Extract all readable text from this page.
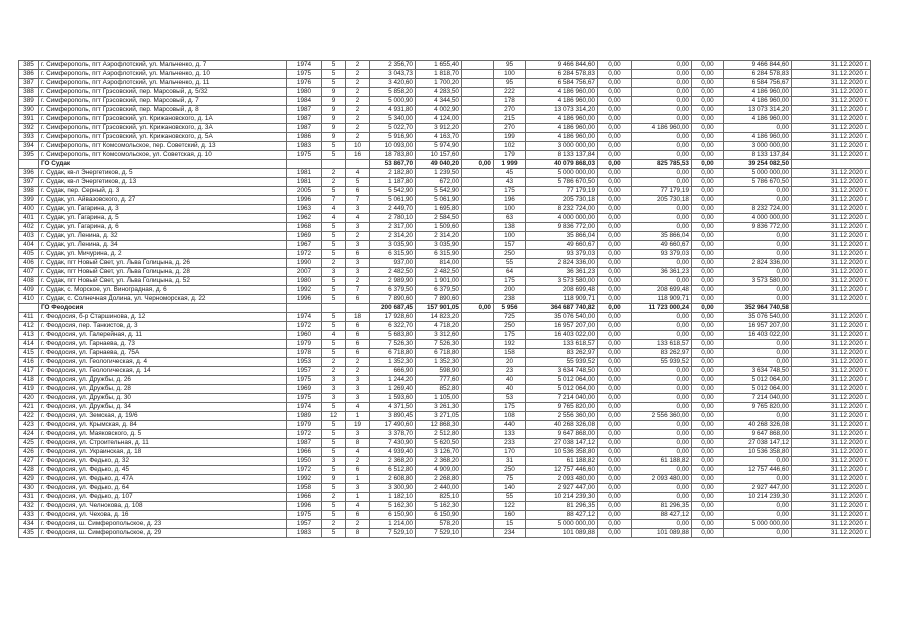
385	г. Симферополь, пгт Аэрофлотский, ул. Мальченко, д. 7	1974	5	2	2 356,70	1 655,40		95	9 466 844,60	0,00	0,00	0,00	9 466 844,60	31.12.2020 г.
386	г. Симферополь, пгт Аэрофлотский, ул. Мальченко, д. 10	1975	5	2	3 043,73	1 818,70		100	6 284 578,83	0,00	0,00	0,00	6 284 578,83	31.12.2020 г.
387	г. Симферополь, пгт Аэрофлотский, ул. Мальченко, д. 11	1976	5	2	3 420,60	1 700,20		95	6 584 756,67	0,00	0,00	0,00	6 584 756,67	31.12.2020 г.
388	г. Симферополь, пгт Грэсовский, пер. Марсовый, д. 5/32	1980	9	2	5 858,20	4 283,50		222	4 186 960,00	0,00	0,00	0,00	4 186 960,00	31.12.2020 г.
389	г. Симферополь, пгт Грэсовский, пер. Марсовый, д. 7	1984	9	2	5 000,90	4 344,50		178	4 186 960,00	0,00	0,00	0,00	4 186 960,00	31.12.2020 г.
390	г. Симферополь, пгт Грэсовский, пер. Марсовый, д. 8	1987	9	2	4 931,80	4 002,90		270	13 073 314,20	0,00	0,00	0,00	13 073 314,20	31.12.2020 г.
391	г. Симферополь, пгт Грэсовский, ул. Крижановского, д. 1А	1987	9	2	5 340,00	4 124,00		215	4 186 960,00	0,00	0,00	0,00	4 186 960,00	31.12.2020 г.
392	г. Симферополь, пгт Грэсовский, ул. Крижановского, д. 3А	1987	9	2	5 022,70	3 912,20		270	4 186 960,00	0,00	4 186 960,00	0,00	0,00	31.12.2020 г.
393	г. Симферополь, пгт Грэсовский, ул. Крижановского, д. 5А	1986	9	2	5 916,90	4 163,70		199	4 186 960,00	0,00	0,00	0,00	4 186 960,00	31.12.2020 г.
394	г. Симферополь, пгт Комсомольское, пер. Советский, д. 13	1983	5	10	10 093,00	5 974,90		102	3 000 000,00	0,00	0,00	0,00	3 000 000,00	31.12.2020 г.
395	г. Симферополь, пгт Комсомольское, ул. Советская, д. 10	1975	5	16	18 783,80	10 157,60		179	8 133 137,84	0,00	0,00	0,00	8 133 137,84	31.12.2020 г.
	ГО Судак				53 867,70	49 040,20	0,00	1 999	40 079 868,03	0,00	825 785,53	0,00	39 254 082,50	
396	г. Судак, кв-л Энергетиков, д. 5	1981	2	4	2 182,80	1 239,50		45	5 000 000,00	0,00	0,00	0,00	5 000 000,00	31.12.2020 г.
397	г. Судак, кв-л Энергетиков, д. 13	1981	2	5	1 187,80	672,00		43	5 786 670,50	0,00	0,00	0,00	5 786 670,50	31.12.2020 г.
398	г. Судак, пер. Серный, д. 3	2005	5	6	5 542,90	5 542,90		175	77 179,19	0,00	77 179,19	0,00	0,00	31.12.2020 г.
399	г. Судак, ул. Айвазовского, д. 27	1996	7	7	5 061,90	5 061,90		196	205 730,18	0,00	205 730,18	0,00	0,00	31.12.2020 г.
400	г. Судак, ул. Гагарина, д. 3	1963	4	3	2 449,70	1 695,80		100	8 232 724,00	0,00	0,00	0,00	8 232 724,00	31.12.2020 г.
401	г. Судак, ул. Гагарина, д. 5	1962	4	4	2 780,10	2 584,50		63	4 000 000,00	0,00	0,00	0,00	4 000 000,00	31.12.2020 г.
402	г. Судак, ул. Гагарина, д. 6	1968	5	3	2 317,00	1 509,60		138	9 836 772,00	0,00	0,00	0,00	9 836 772,00	31.12.2020 г.
403	г. Судак, ул. Ленина, д. 32	1969	5	2	2 314,20	2 314,20		100	35 866,04	0,00	35 866,04	0,00	0,00	31.12.2020 г.
404	г. Судак, ул. Ленина, д. 34	1967	5	3	3 035,90	3 035,90		157	49 660,67	0,00	49 660,67	0,00	0,00	31.12.2020 г.
405	г. Судак, ул. Мичурина, д. 2	1972	5	6	6 315,90	6 315,90		250	93 379,03	0,00	93 379,03	0,00	0,00	31.12.2020 г.
406	г. Судак, пгт Новый Свет, ул. Льва Голицына, д. 26	1990	2	3	937,00	814,00		55	2 824 336,00	0,00	0,00	0,00	2 824 336,00	31.12.2020 г.
407	г. Судак, пгт Новый Свет, ул. Льва Голицына, д. 28	2007	3	3	2 482,50	2 482,50		64	36 361,23	0,00	36 361,23	0,00	0,00	31.12.2020 г.
408	г. Судак, пгт Новый Свет, ул. Льва Голицына, д. 52	1980	5	2	2 989,90	1 901,00		175	3 573 580,00	0,00	0,00	0,00	3 573 580,00	31.12.2020 г.
409	г. Судак, с. Морское, ул. Виноградная, д. 6	1992	5	7	6 379,50	6 379,50		200	208 699,48	0,00	208 699,48	0,00	0,00	31.12.2020 г.
410	г. Судак, с. Солнечная Долина, ул. Черноморская, д. 22	1996	5	6	7 890,60	7 890,60		238	118 909,71	0,00	118 909,71	0,00	0,00	31.12.2020 г.
	ГО Феодосия				200 687,45	157 901,05	0,00	5 956	364 687 740,82	0,00	11 723 000,24	0,00	352 964 740,58	
411	г. Феодосия, б-р Старшинова, д. 12	1974	5	18	17 928,60	14 823,20		725	35 076 540,00	0,00	0,00	0,00	35 076 540,00	31.12.2020 г.
412	г. Феодосия, пер. Танкистов, д. 3	1972	5	6	6 322,70	4 718,20		250	16 957 207,00	0,00	0,00	0,00	16 957 207,00	31.12.2020 г.
413	г. Феодосия, ул. Галерейная, д. 11	1960	4	6	5 683,80	3 312,60		175	16 403 022,00	0,00	0,00	0,00	16 403 022,00	31.12.2020 г.
414	г. Феодосия, ул. Гарнаева, д. 73	1979	5	6	7 526,30	7 526,30		192	133 618,57	0,00	133 618,57	0,00	0,00	31.12.2020 г.
415	г. Феодосия, ул. Гарнаева, д. 75А	1978	5	6	6 718,80	6 718,80		158	83 262,97	0,00	83 262,97	0,00	0,00	31.12.2020 г.
416	г. Феодосия, ул. Геологическая, д. 4	1953	2	2	1 352,30	1 352,30		20	55 939,52	0,00	55 939,52	0,00	0,00	31.12.2020 г.
417	г. Феодосия, ул. Геологическая, д. 14	1957	2	2	666,90	598,90		23	3 634 748,50	0,00	0,00	0,00	3 634 748,50	31.12.2020 г.
418	г. Феодосия, ул. Дружбы, д. 26	1975	3	3	1 244,20	777,60		40	5 012 064,00	0,00	0,00	0,00	5 012 064,00	31.12.2020 г.
419	г. Феодосия, ул. Дружбы, д. 28	1969	3	3	1 269,40	852,80		40	5 012 064,00	0,00	0,00	0,00	5 012 064,00	31.12.2020 г.
420	г. Феодосия, ул. Дружбы, д. 30	1975	3	3	1 593,60	1 105,00		53	7 214 040,00	0,00	0,00	0,00	7 214 040,00	31.12.2020 г.
421	г. Феодосия, ул. Дружбы, д. 34	1974	5	4	4 371,50	3 261,30		175	9 765 820,00	0,00	0,00	0,00	9 765 820,00	31.12.2020 г.
422	г. Феодосия, ул. Земская, д. 19/6	1989	12	1	3 890,45	3 271,05		108	2 556 360,00	0,00	2 556 360,00	0,00	0,00	31.12.2020 г.
423	г. Феодосия, ул. Крымская, д. 84	1979	5	19	17 490,60	12 868,30		440	40 268 326,08	0,00	0,00	0,00	40 268 326,08	31.12.2020 г.
424	г. Феодосия, ул. Маяковского, д. 5	1972	5	3	3 378,70	2 512,80		133	9 647 868,00	0,00	0,00	0,00	9 647 868,00	31.12.2020 г.
425	г. Феодосия, ул. Строительная, д. 11	1987	5	8	7 430,90	5 620,50		233	27 038 147,12	0,00	0,00	0,00	27 038 147,12	31.12.2020 г.
426	г. Феодосия, ул. Украинская, д. 18	1966	5	4	4 939,40	3 126,70		170	10 536 358,80	0,00	0,00	0,00	10 536 358,80	31.12.2020 г.
427	г. Феодосия, ул. Федько, д. 32	1950	3	2	2 368,20	2 368,20		31	61 188,82	0,00	61 188,82	0,00	0,00	31.12.2020 г.
428	г. Феодосия, ул. Федько, д. 45	1972	5	6	6 512,80	4 909,00		250	12 757 446,60	0,00	0,00	0,00	12 757 446,60	31.12.2020 г.
429	г. Феодосия, ул. Федько, д. 47А	1992	9	1	2 608,80	2 268,80		75	2 093 480,00	0,00	2 093 480,00	0,00	0,00	31.12.2020 г.
430	г. Феодосия, ул. Федько, д. 64	1958	5	3	3 300,90	2 440,00		140	2 927 447,00	0,00	0,00	0,00	2 927 447,00	31.12.2020 г.
431	г. Феодосия, ул. Федько, д. 107	1966	2	1	1 182,10	825,10		55	10 214 239,30	0,00	0,00	0,00	10 214 239,30	31.12.2020 г.
432	г. Феодосия, ул. Челнокова, д. 108	1996	5	4	5 162,30	5 162,30		122	81 296,35	0,00	81 296,35	0,00	0,00	31.12.2020 г.
433	г. Феодосия, ул. Чехова, д. 16	1975	5	6	6 150,90	6 150,90		160	88 427,12	0,00	88 427,12	0,00	0,00	31.12.2020 г.
434	г. Феодосия, ш. Симферопольское, д. 23	1957	2	2	1 214,00	578,20		15	5 000 000,00	0,00	0,00	0,00	5 000 000,00	31.12.2020 г.
435	г. Феодосия, ш. Симферопольское, д. 29	1983	5	8	7 529,10	7 529,10		234	101 089,88	0,00	101 089,88	0,00	0,00	31.12.2020 г.
